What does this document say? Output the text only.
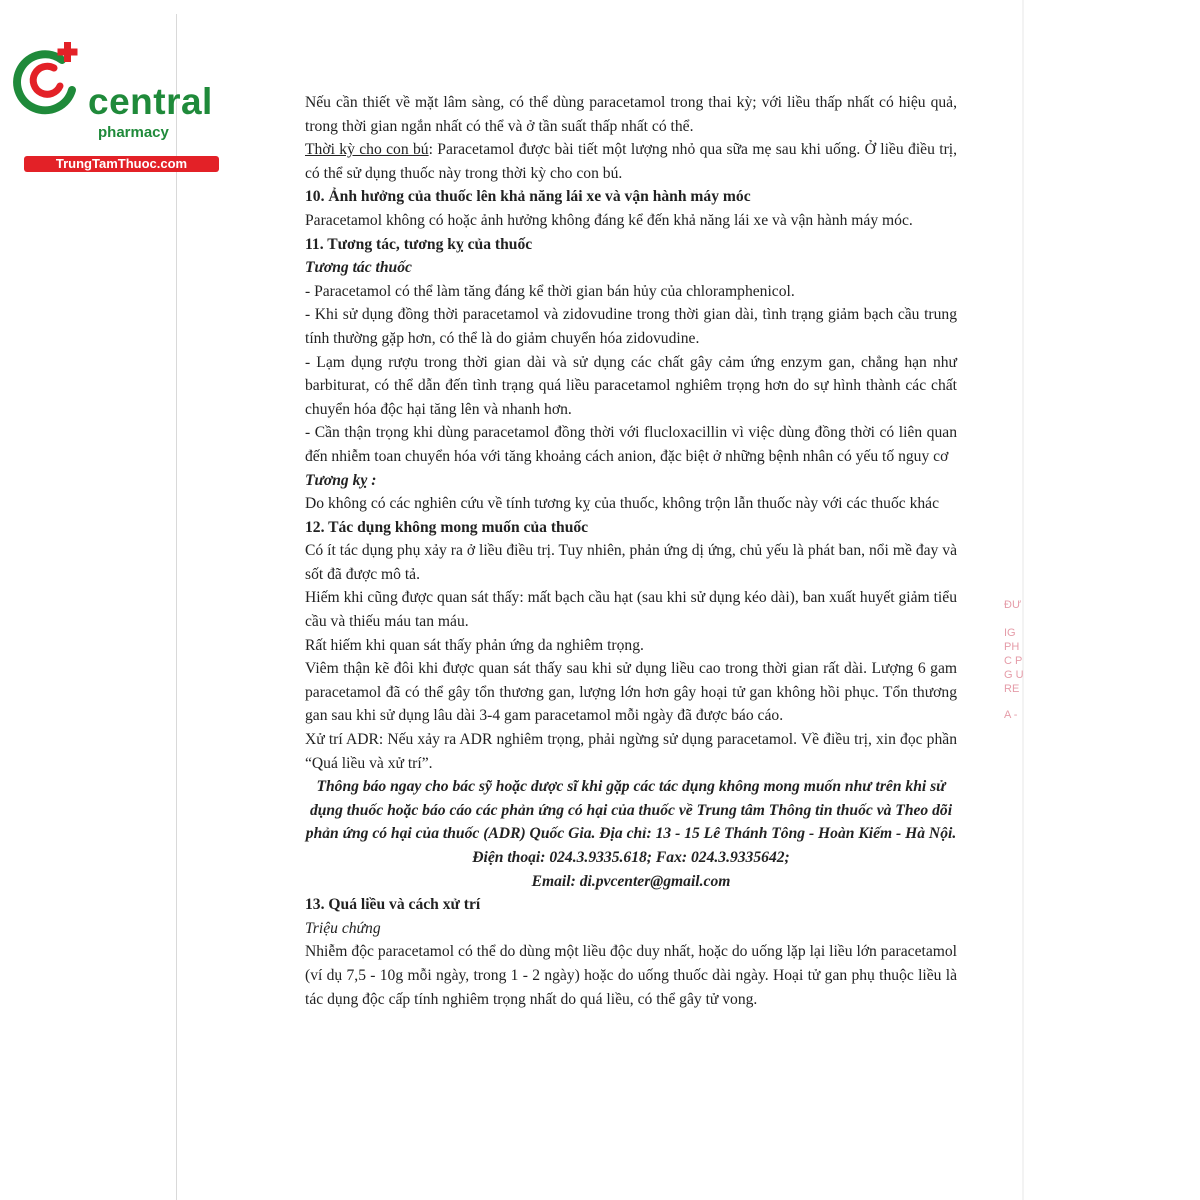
central
pharmacy
TrungTamThuoc.com
ĐƯ
IG
PH
C P
G U
RE
A -

Nếu cần thiết về mặt lâm sàng, có thể dùng paracetamol trong thai kỳ; với liều thấp nhất có hiệu quả, trong thời gian ngắn nhất có thể và ở tần suất thấp nhất có thể.

Thời kỳ cho con bú: Paracetamol được bài tiết một lượng nhỏ qua sữa mẹ sau khi uống. Ở liều điều trị, có thể sử dụng thuốc này trong thời kỳ cho con bú.

10. Ảnh hưởng của thuốc lên khả năng lái xe và vận hành máy móc

Paracetamol không có hoặc ảnh hưởng không đáng kể đến khả năng lái xe và vận hành máy móc.

11. Tương tác, tương kỵ của thuốc

Tương tác thuốc

- Paracetamol có thể làm tăng đáng kể thời gian bán hủy của chloramphenicol.

- Khi sử dụng đồng thời paracetamol và zidovudine trong thời gian dài, tình trạng giảm bạch cầu trung tính thường gặp hơn, có thể là do giảm chuyển hóa zidovudine.

- Lạm dụng rượu trong thời gian dài và sử dụng các chất gây cảm ứng enzym gan, chẳng hạn như barbiturat, có thể dẫn đến tình trạng quá liều paracetamol nghiêm trọng hơn do sự hình thành các chất chuyển hóa độc hại tăng lên và nhanh hơn.

- Cần thận trọng khi dùng paracetamol đồng thời với flucloxacillin vì việc dùng đồng thời có liên quan đến nhiễm toan chuyển hóa với tăng khoảng cách anion, đặc biệt ở những bệnh nhân có yếu tố nguy cơ

Tương kỵ :

Do không có các nghiên cứu về tính tương kỵ của thuốc, không trộn lẫn thuốc này với các thuốc khác

12. Tác dụng không mong muốn của thuốc

Có ít tác dụng phụ xảy ra ở liều điều trị. Tuy nhiên, phản ứng dị ứng, chủ yếu là phát ban, nổi mề đay và sốt đã được mô tả.

Hiếm khi cũng được quan sát thấy: mất bạch cầu hạt (sau khi sử dụng kéo dài), ban xuất huyết giảm tiểu cầu và thiếu máu tan máu.

Rất hiếm khi quan sát thấy phản ứng da nghiêm trọng.

Viêm thận kẽ đôi khi được quan sát thấy sau khi sử dụng liều cao trong thời gian rất dài. Lượng 6 gam paracetamol đã có thể gây tổn thương gan, lượng lớn hơn gây hoại tử gan không hồi phục. Tổn thương gan sau khi sử dụng lâu dài 3-4 gam paracetamol mỗi ngày đã được báo cáo.

Xử trí ADR: Nếu xảy ra ADR nghiêm trọng, phải ngừng sử dụng paracetamol. Về điều trị, xin đọc phần “Quá liều và xử trí”.

Thông báo ngay cho bác sỹ hoặc dược sĩ khi gặp các tác dụng không mong muốn như trên khi sử dụng thuốc hoặc báo cáo các phản ứng có hại của thuốc về Trung tâm Thông tin thuốc và Theo dõi phản ứng có hại của thuốc (ADR) Quốc Gia. Địa chỉ: 13 - 15 Lê Thánh Tông - Hoàn Kiếm - Hà Nội. Điện thoại: 024.3.9335.618; Fax: 024.3.9335642;

Email: di.pvcenter@gmail.com

13. Quá liều và cách xử trí

Triệu chứng

Nhiễm độc paracetamol có thể do dùng một liều độc duy nhất, hoặc do uống lặp lại liều lớn paracetamol (ví dụ 7,5 - 10g mỗi ngày, trong 1 - 2 ngày) hoặc do uống thuốc dài ngày. Hoại tử gan phụ thuộc liều là tác dụng độc cấp tính nghiêm trọng nhất do quá liều, có thể gây tử vong.
